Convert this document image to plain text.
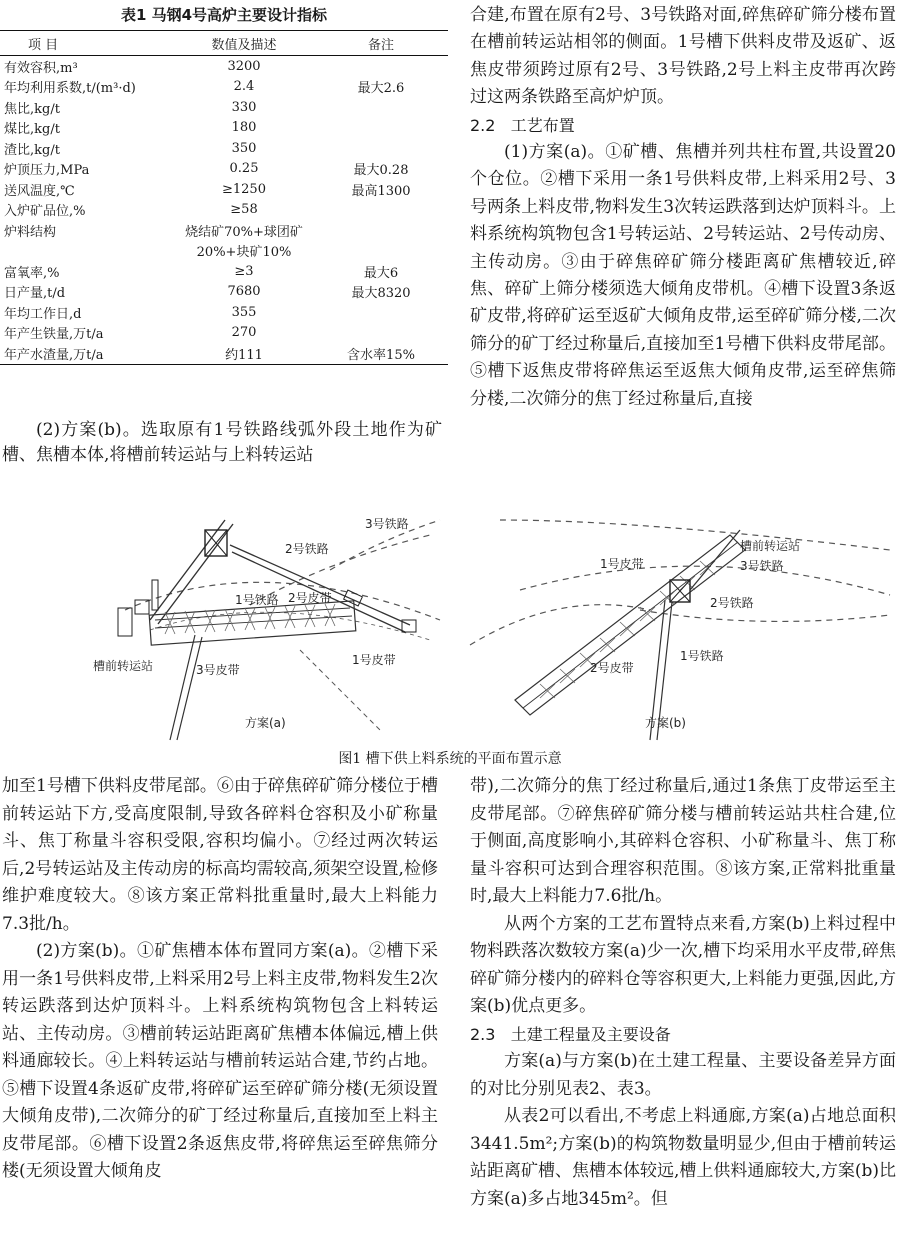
表1 马钢4号高炉主要设计指标
项 目	数值及描述	备注
有效容积,m³	3200	
年均利用系数,t/(m³·d)	2.4	最大2.6
焦比,kg/t	330	
煤比,kg/t	180	
渣比,kg/t	350	
炉顶压力,MPa	0.25	最大0.28
送风温度,℃	≥1250	最高1300
入炉矿品位,%	≥58	
炉料结构	烧结矿70%+球团矿	
	20%+块矿10%	
富氧率,%	≥3	最大6
日产量,t/d	7680	最大8320
年均工作日,d	355	
年产生铁量,万t/a	270	
年产水渣量,万t/a	约111	含水率15%

(2)方案(b)。选取原有1号铁路线弧外段土地作为矿槽、焦槽本体,将槽前转运站与上料转运站

合建,布置在原有2号、3号铁路对面,碎焦碎矿筛分楼布置在槽前转运站相邻的侧面。1号槽下供料皮带及返矿、返焦皮带须跨过原有2号、3号铁路,2号上料主皮带再次跨过这两条铁路至高炉炉顶。

2.2   工艺布置

(1)方案(a)。①矿槽、焦槽并列共柱布置,共设置20个仓位。②槽下采用一条1号供料皮带,上料采用2号、3号两条上料皮带,物料发生3次转运跌落到达炉顶料斗。上料系统构筑物包含1号转运站、2号转运站、2号传动房、主传动房。③由于碎焦碎矿筛分楼距离矿焦槽较近,碎焦、碎矿上筛分楼须选大倾角皮带机。④槽下设置3条返矿皮带,将碎矿运至返矿大倾角皮带,运至碎矿筛分楼,二次筛分的矿丁经过称量后,直接加至1号槽下供料皮带尾部。⑤槽下返焦皮带将碎焦运至返焦大倾角皮带,运至碎焦筛分楼,二次筛分的焦丁经过称量后,直接

3号铁路
2号铁路
1号铁路 2号皮带
1号皮带
3号皮带
槽前转运站
方案(a)
槽前转运站
1号皮带	3号铁路
2号铁路
2号皮带
1号铁路
方案(b)
图1 槽下供上料系统的平面布置示意

加至1号槽下供料皮带尾部。⑥由于碎焦碎矿筛分楼位于槽前转运站下方,受高度限制,导致各碎料仓容积及小矿称量斗、焦丁称量斗容积受限,容积均偏小。⑦经过两次转运后,2号转运站及主传动房的标高均需较高,须架空设置,检修维护难度较大。⑧该方案正常料批重量时,最大上料能力7.3批/h。

(2)方案(b)。①矿焦槽本体布置同方案(a)。②槽下采用一条1号供料皮带,上料采用2号上料主皮带,物料发生2次转运跌落到达炉顶料斗。上料系统构筑物包含上料转运站、主传动房。③槽前转运站距离矿焦槽本体偏远,槽上供料通廊较长。④上料转运站与槽前转运站合建,节约占地。⑤槽下设置4条返矿皮带,将碎矿运至碎矿筛分楼(无须设置大倾角皮带),二次筛分的矿丁经过称量后,直接加至上料主皮带尾部。⑥槽下设置2条返焦皮带,将碎焦运至碎焦筛分楼(无须设置大倾角皮

带),二次筛分的焦丁经过称量后,通过1条焦丁皮带运至主皮带尾部。⑦碎焦碎矿筛分楼与槽前转运站共柱合建,位于侧面,高度影响小,其碎料仓容积、小矿称量斗、焦丁称量斗容积可达到合理容积范围。⑧该方案,正常料批重量时,最大上料能力7.6批/h。

从两个方案的工艺布置特点来看,方案(b)上料过程中物料跌落次数较方案(a)少一次,槽下均采用水平皮带,碎焦碎矿筛分楼内的碎料仓等容积更大,上料能力更强,因此,方案(b)优点更多。

2.3   土建工程量及主要设备

方案(a)与方案(b)在土建工程量、主要设备差异方面的对比分别见表2、表3。

从表2可以看出,不考虑上料通廊,方案(a)占地总面积3441.5m²;方案(b)的构筑物数量明显少,但由于槽前转运站距离矿槽、焦槽本体较远,槽上供料通廊较大,方案(b)比方案(a)多占地345m²。但
